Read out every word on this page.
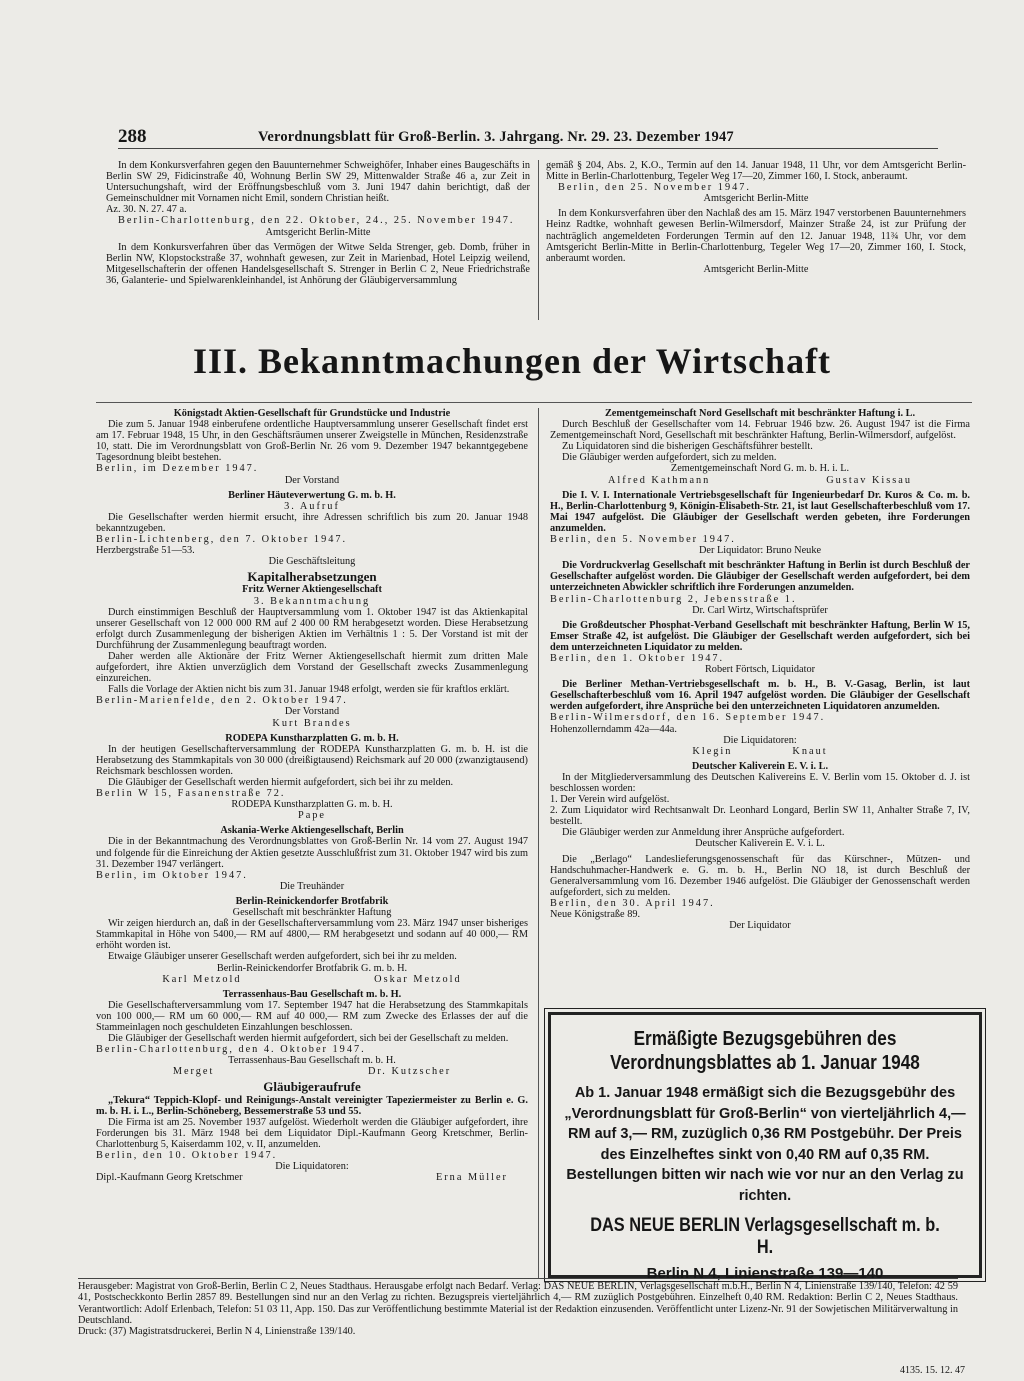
288	Verordnungsblatt für Groß-Berlin. 3. Jahrgang. Nr. 29. 23. Dezember 1947

In dem Konkursverfahren gegen den Bauunternehmer Schweighöfer, Inhaber eines Baugeschäfts in Berlin SW 29, Fidicinstraße 40, Wohnung Berlin SW 29, Mittenwalder Straße 46 a, zur Zeit in Untersuchungshaft, wird der Eröffnungsbeschluß vom 3. Juni 1947 dahin berichtigt, daß der Gemeinschuldner mit Vornamen nicht Emil, sondern Christian heißt.

Az. 30. N. 27. 47 a.

Berlin-Charlottenburg, den 22. Oktober, 24., 25. November 1947.

Amtsgericht Berlin-Mitte

In dem Konkursverfahren über das Vermögen der Witwe Selda Strenger, geb. Domb, früher in Berlin NW, Klopstockstraße 37, wohnhaft gewesen, zur Zeit in Marienbad, Hotel Leipzig weilend, Mitgesellschafterin der offenen Handelsgesellschaft S. Strenger in Berlin C 2, Neue Friedrichstraße 36, Galanterie- und Spielwarenkleinhandel, ist Anhörung der Gläubigerversammlung

gemäß § 204, Abs. 2, K.O., Termin auf den 14. Januar 1948, 11 Uhr, vor dem Amtsgericht Berlin-Mitte in Berlin-Charlottenburg, Tegeler Weg 17—20, Zimmer 160, I. Stock, anberaumt.

Berlin, den 25. November 1947.

Amtsgericht Berlin-Mitte

In dem Konkursverfahren über den Nachlaß des am 15. März 1947 verstorbenen Bauunternehmers Heinz Radtke, wohnhaft gewesen Berlin-Wilmersdorf, Mainzer Straße 24, ist zur Prüfung der nachträglich angemeldeten Forderungen Termin auf den 12. Januar 1948, 11¾ Uhr, vor dem Amtsgericht Berlin-Mitte in Berlin-Charlottenburg, Tegeler Weg 17—20, Zimmer 160, I. Stock, anberaumt worden.

Amtsgericht Berlin-Mitte

III. Bekanntmachungen der Wirtschaft

Königstadt Aktien-Gesellschaft für Grundstücke und Industrie

Die zum 5. Januar 1948 einberufene ordentliche Hauptversammlung unserer Gesellschaft findet erst am 17. Februar 1948, 15 Uhr, in den Geschäftsräumen unserer Zweigstelle in München, Residenzstraße 10, statt. Die im Verordnungsblatt von Groß-Berlin Nr. 26 vom 9. Dezember 1947 bekanntgegebene Tagesordnung bleibt bestehen.

Berlin, im Dezember 1947.

Der Vorstand

Berliner Häuteverwertung G. m. b. H.

3. Aufruf

Die Gesellschafter werden hiermit ersucht, ihre Adressen schriftlich bis zum 20. Januar 1948 bekanntzugeben.

Berlin-Lichtenberg, den 7. Oktober 1947.

Herzbergstraße 51—53.

Die Geschäftsleitung

Kapitalherabsetzungen

Fritz Werner Aktiengesellschaft

3. Bekanntmachung

Durch einstimmigen Beschluß der Hauptversammlung vom 1. Oktober 1947 ist das Aktienkapital unserer Gesellschaft von 12 000 000 RM auf 2 400 00 RM herabgesetzt worden. Diese Herabsetzung erfolgt durch Zusammenlegung der bisherigen Aktien im Verhältnis 1 : 5. Der Vorstand ist mit der Durchführung der Zusammenlegung beauftragt worden.

Daher werden alle Aktionäre der Fritz Werner Aktiengesellschaft hiermit zum dritten Male aufgefordert, ihre Aktien unverzüglich dem Vorstand der Gesellschaft zwecks Zusammenlegung einzureichen.

Falls die Vorlage der Aktien nicht bis zum 31. Januar 1948 erfolgt, werden sie für kraftlos erklärt.

Berlin-Marienfelde, den 2. Oktober 1947.

Der Vorstand

Kurt Brandes

RODEPA Kunstharzplatten G. m. b. H.

In der heutigen Gesellschafterversammlung der RODEPA Kunstharzplatten G. m. b. H. ist die Herabsetzung des Stammkapitals von 30 000 (dreißigtausend) Reichsmark auf 20 000 (zwanzigtausend) Reichsmark beschlossen worden.

Die Gläubiger der Gesellschaft werden hiermit aufgefordert, sich bei ihr zu melden.

Berlin W 15, Fasanenstraße 72.

RODEPA Kunstharzplatten G. m. b. H.

Pape

Askania-Werke Aktiengesellschaft, Berlin

Die in der Bekanntmachung des Verordnungsblattes von Groß-Berlin Nr. 14 vom 27. August 1947 und folgende für die Einreichung der Aktien gesetzte Ausschlußfrist zum 31. Oktober 1947 wird bis zum 31. Dezember 1947 verlängert.

Berlin, im Oktober 1947.

Die Treuhänder

Berlin-Reinickendorfer Brotfabrik

Gesellschaft mit beschränkter Haftung

Wir zeigen hierdurch an, daß in der Gesellschafterversammlung vom 23. März 1947 unser bisheriges Stammkapital in Höhe von 5400,— RM auf 4800,— RM herabgesetzt und sodann auf 40 000,— RM erhöht worden ist.

Etwaige Gläubiger unserer Gesellschaft werden aufgefordert, sich bei ihr zu melden.

Berlin-Reinickendorfer Brotfabrik G. m. b. H.

Karl Metzold	Oskar Metzold

Terrassenhaus-Bau Gesellschaft m. b. H.

Die Gesellschafterversammlung vom 17. September 1947 hat die Herabsetzung des Stammkapitals von 100 000,— RM um 60 000,— RM auf 40 000,— RM zum Zwecke des Erlasses der auf die Stammeinlagen noch geschuldeten Einzahlungen beschlossen.

Die Gläubiger der Gesellschaft werden hiermit aufgefordert, sich bei der Gesellschaft zu melden.

Berlin-Charlottenburg, den 4. Oktober 1947.

Terrassenhaus-Bau Gesellschaft m. b. H.

Merget	Dr. Kutzscher

Gläubigeraufrufe

„Tekura“ Teppich-Klopf- und Reinigungs-Anstalt vereinigter Tapeziermeister zu Berlin e. G. m. b. H. i. L., Berlin-Schöneberg, Bessemerstraße 53 und 55.

Die Firma ist am 25. November 1937 aufgelöst. Wiederholt werden die Gläubiger aufgefordert, ihre Forderungen bis 31. März 1948 bei dem Liquidator Dipl.-Kaufmann Georg Kretschmer, Berlin-Charlottenburg 5, Kaiserdamm 102, v. II, anzumelden.

Berlin, den 10. Oktober 1947.

Die Liquidatoren:

Dipl.-Kaufmann Georg Kretschmer	Erna Müller

Zementgemeinschaft Nord Gesellschaft mit beschränkter Haftung i. L.

Durch Beschluß der Gesellschafter vom 14. Februar 1946 bzw. 26. August 1947 ist die Firma Zementgemeinschaft Nord, Gesellschaft mit beschränkter Haftung, Berlin-Wilmersdorf, aufgelöst.

Zu Liquidatoren sind die bisherigen Geschäftsführer bestellt.

Die Gläubiger werden aufgefordert, sich zu melden.

Zementgemeinschaft Nord G. m. b. H. i. L.

Alfred Kathmann	Gustav Kissau

Die I. V. I. Internationale Vertriebsgesellschaft für Ingenieurbedarf Dr. Kuros & Co. m. b. H., Berlin-Charlottenburg 9, Königin-Elisabeth-Str. 21, ist laut Gesellschafterbeschluß vom 17. Mai 1947 aufgelöst. Die Gläubiger der Gesellschaft werden gebeten, ihre Forderungen anzumelden.

Berlin, den 5. November 1947.

Der Liquidator: Bruno Neuke

Die Vordruckverlag Gesellschaft mit beschränkter Haftung in Berlin ist durch Beschluß der Gesellschafter aufgelöst worden. Die Gläubiger der Gesellschaft werden aufgefordert, bei dem unterzeichneten Abwickler schriftlich ihre Forderungen anzumelden.

Berlin-Charlottenburg 2, Jebensstraße 1.

Dr. Carl Wirtz, Wirtschaftsprüfer

Die Großdeutscher Phosphat-Verband Gesellschaft mit beschränkter Haftung, Berlin W 15, Emser Straße 42, ist aufgelöst. Die Gläubiger der Gesellschaft werden aufgefordert, sich bei dem unterzeichneten Liquidator zu melden.

Berlin, den 1. Oktober 1947.

Robert Förtsch, Liquidator

Die Berliner Methan-Vertriebsgesellschaft m. b. H., B. V.-Gasag, Berlin, ist laut Gesellschafterbeschluß vom 16. April 1947 aufgelöst worden. Die Gläubiger der Gesellschaft werden aufgefordert, ihre Ansprüche bei den unterzeichneten Liquidatoren anzumelden.

Berlin-Wilmersdorf, den 16. September 1947.

Hohenzollerndamm 42a—44a.

Die Liquidatoren:

Klegin	Knaut

Deutscher Kaliverein E. V. i. L.

In der Mitgliederversammlung des Deutschen Kalivereins E. V. Berlin vom 15. Oktober d. J. ist beschlossen worden:

1. Der Verein wird aufgelöst.

2. Zum Liquidator wird Rechtsanwalt Dr. Leonhard Longard, Berlin SW 11, Anhalter Straße 7, IV, bestellt.

Die Gläubiger werden zur Anmeldung ihrer Ansprüche aufgefordert.

Deutscher Kaliverein E. V. i. L.

Die „Berlago“ Landeslieferungsgenossenschaft für das Kürschner-, Mützen- und Handschuhmacher-Handwerk e. G. m. b. H., Berlin NO 18, ist durch Beschluß der Generalversammlung vom 16. Dezember 1946 aufgelöst. Die Gläubiger der Genossenschaft werden aufgefordert, sich zu melden.

Berlin, den 30. April 1947.

Neue Königstraße 89.

Der Liquidator

Ermäßigte Bezugsgebühren des Verordnungsblattes ab 1. Januar 1948
Ab 1. Januar 1948 ermäßigt sich die Bezugsgebühr des „Verordnungsblatt für Groß-Berlin“ von vierteljährlich 4,— RM auf 3,— RM, zuzüglich 0,36 RM Postgebühr. Der Preis des Einzelheftes sinkt von 0,40 RM auf 0,35 RM. Bestellungen bitten wir nach wie vor nur an den Verlag zu richten.
DAS NEUE BERLIN Verlagsgesellschaft m. b. H.
Berlin N 4, Linienstraße 139—140

Herausgeber: Magistrat von Groß-Berlin, Berlin C 2, Neues Stadthaus. Herausgabe erfolgt nach Bedarf. Verlag: DAS NEUE BERLIN, Verlagsgesellschaft m.b.H., Berlin N 4, Linienstraße 139/140, Telefon: 42 59 41, Postscheckkonto Berlin 2857 89. Bestellungen sind nur an den Verlag zu richten. Bezugspreis vierteljährlich 4,— RM zuzüglich Postgebühren. Einzelheft 0,40 RM. Redaktion: Berlin C 2, Neues Stadthaus. Verantwortlich: Adolf Erlenbach, Telefon: 51 03 11, App. 150. Das zur Veröffentlichung bestimmte Material ist der Redaktion einzusenden. Veröffentlicht unter Lizenz-Nr. 91 der Sowjetischen Militärverwaltung in Deutschland.

Druck: (37) Magistratsdruckerei, Berlin N 4, Linienstraße 139/140.

4135. 15. 12. 47
